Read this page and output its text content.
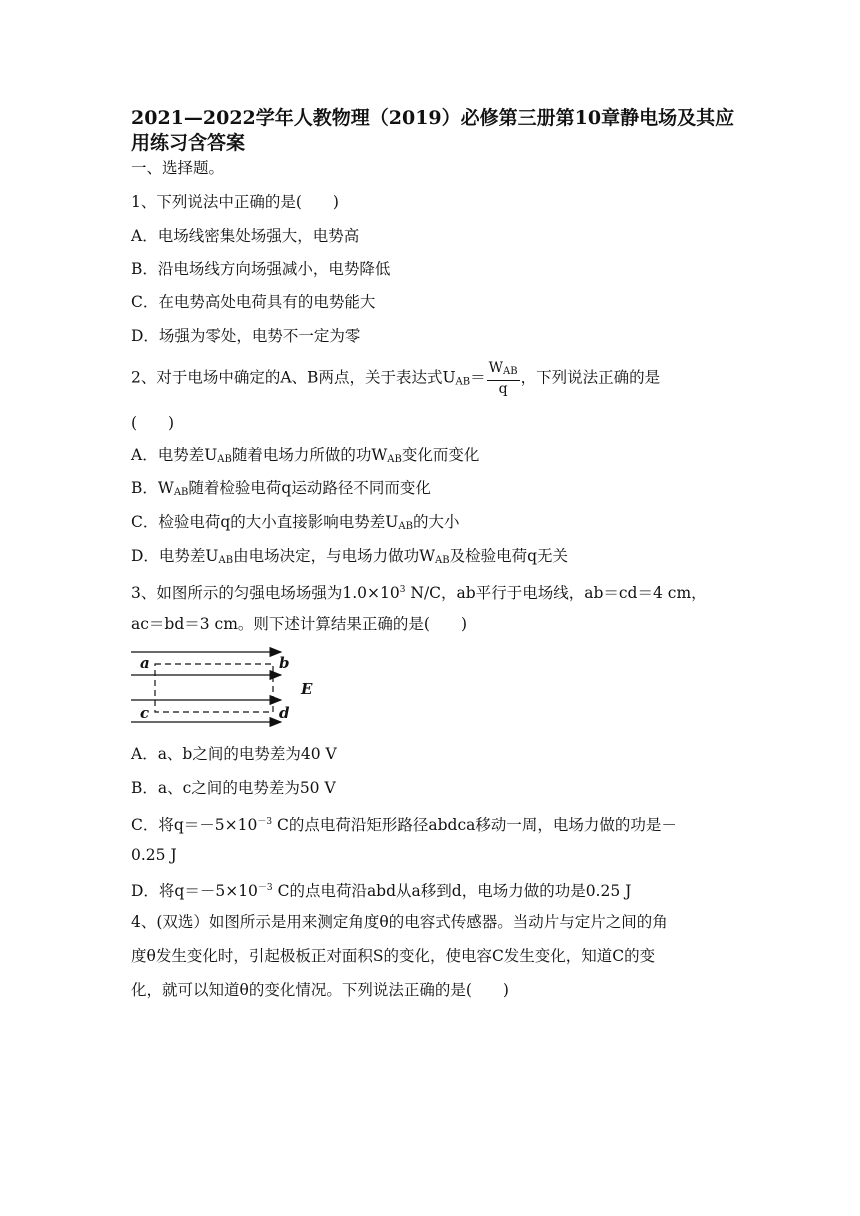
2021—2022学年人教物理（2019）必修第三册第10章静电场及其应用练习含答案
一、选择题。
1、下列说法中正确的是(　　)
A．电场线密集处场强大，电势高
B．沿电场线方向场强减小，电势降低
C．在电势高处电荷具有的电势能大
D．场强为零处，电势不一定为零
2、对于电场中确定的A、B两点，关于表达式$U_{AB}= \frac{W_{AB}}{q}$ ，下列说法正确的是
(　　)
A．电势差$U_{AB}$随着电场力所做的功$W_{AB}$变化而变化
B．$W_{AB}$随着检验电荷q运动路径不同而变化
C．检验电荷q的大小直接影响电势差$U_{AB}$的大小
D．电势差$U_{AB}$由电场决定，与电场力做功$W_{AB}$及检验电荷q无关
3、如图所示的匀强电场场强为$1.0\times 10^3$ N/C，ab平行于电场线，ab＝cd＝4 cm，
ac＝bd＝3 cm。则下述计算结果正确的是(　　)
a	b
c	d
E
A．a、b之间的电势差为40 V
B．a、c之间的电势差为50 V
C．将$q=-5\times 10^{-3}$ C的点电荷沿矩形路径abdca移动一周，电场力做的功是－
0.25 J
D．将$q=-5\times 10^{-3}$ C的点电荷沿abd从a移到d，电场力做的功是0.25 J
4、(双选）如图所示是用来测定角度θ的电容式传感器。当动片与定片之间的角
度θ发生变化时，引起极板正对面积S的变化，使电容C发生变化，知道C的变
化，就可以知道θ的变化情况。下列说法正确的是(　　)
